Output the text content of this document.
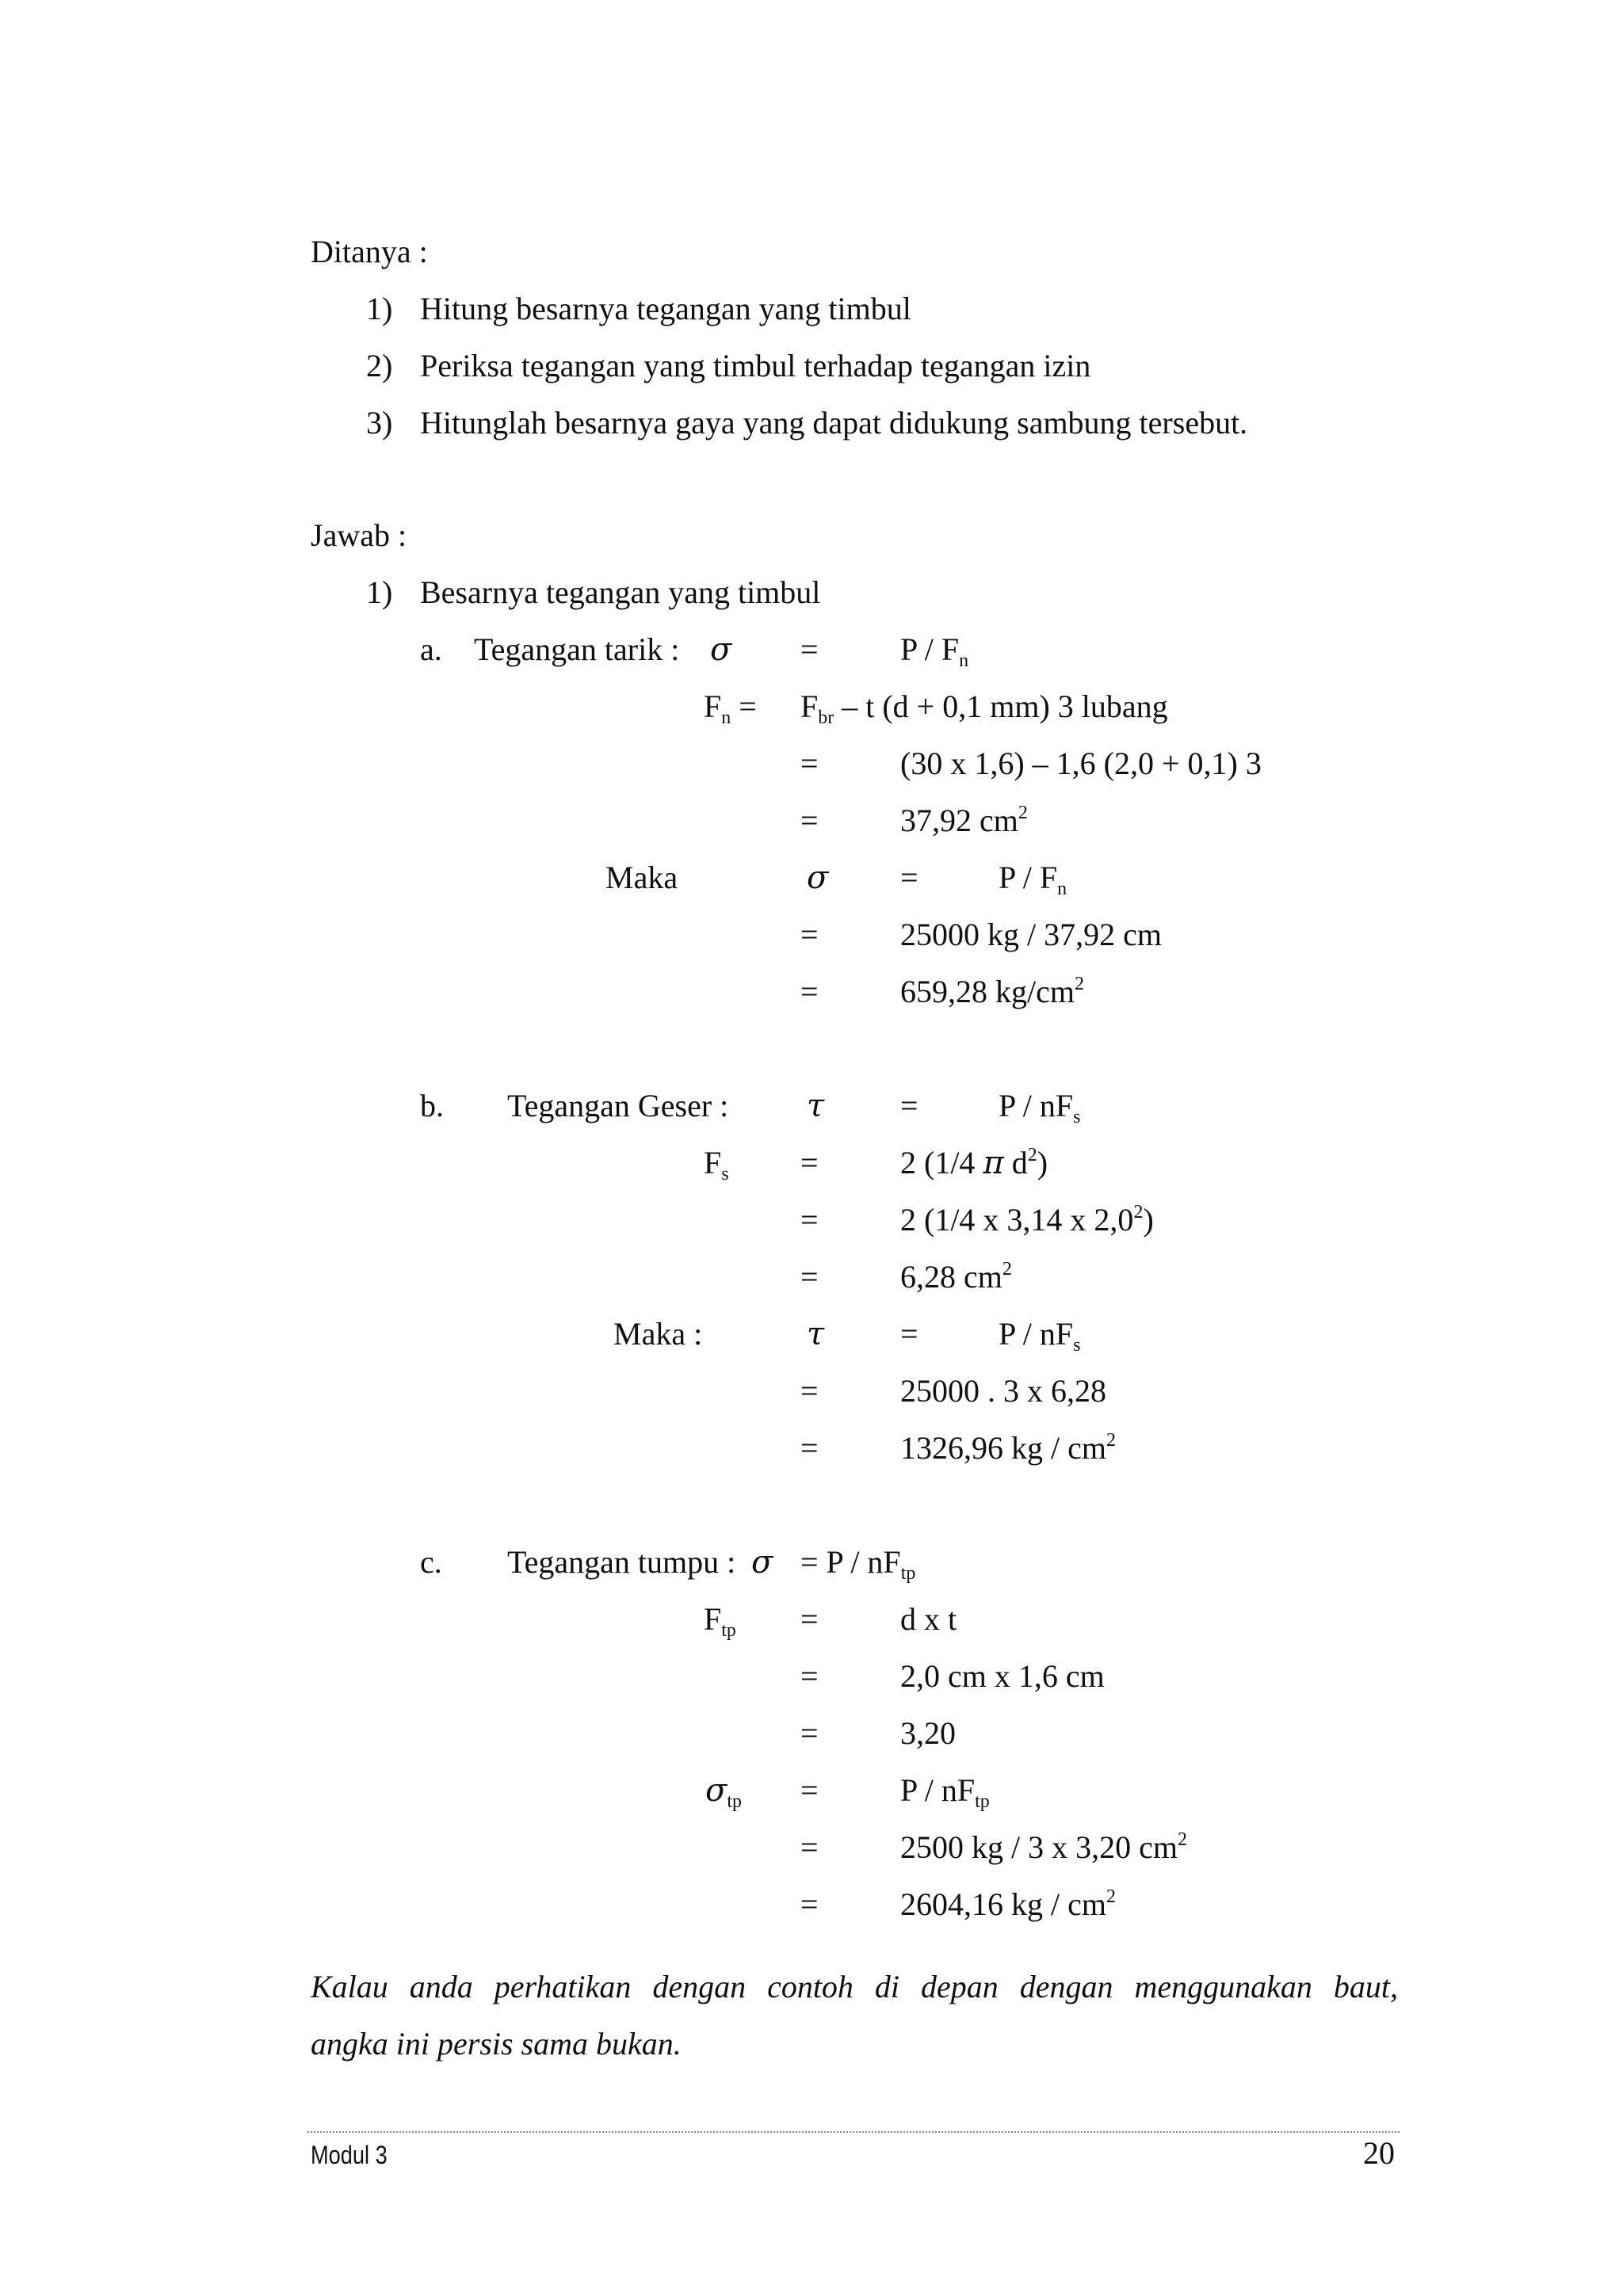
Ditanya :
1) Hitung besarnya tegangan yang timbul
2) Periksa tegangan yang timbul terhadap tegangan izin
3) Hitunglah besarnya gaya yang dapat didukung sambung tersebut.
Jawab :
1) Besarnya tegangan yang timbul
a. Tegangan tarik : σ =	P / $F_n$
$F_n = F_{br} - t$ (d + 0,1 mm) 3 lubang
=	(30 x 1,6) – 1,6 (2,0 + 0,1) 3
=	37,92 $cm^2$
Maka	σ =	P / $F_n$
=	25000 kg / 37,92 cm
=	659,28 $kg/cm^2$
b. Tegangan Geser : τ =	P / $nF_s$
$F_s$ =	2 (1/4 π $d^2$)
=	2 (1/4 x 3,14 x $2,0^2$)
=	6,28 $cm^2$
Maka :	τ =	P / $nF_s$
=	25000 . 3 x 6,28
=	1326,96 kg / $cm^2$
c. Tegangan tumpu : $\sigma = P / nF_{tp}$
$F_{tp}$ =	d x t
=	2,0 cm x 1,6 cm
=	3,20
$\sigma_{tp}$ =	P / $nF_{tp}$
=	2500 kg / 3 x 3,20 $cm^2$
=	2604,16 kg / $cm^2$
Kalau anda perhatikan dengan contoh di depan dengan menggunakan baut,
angka ini persis sama bukan.
Modul 3	20
